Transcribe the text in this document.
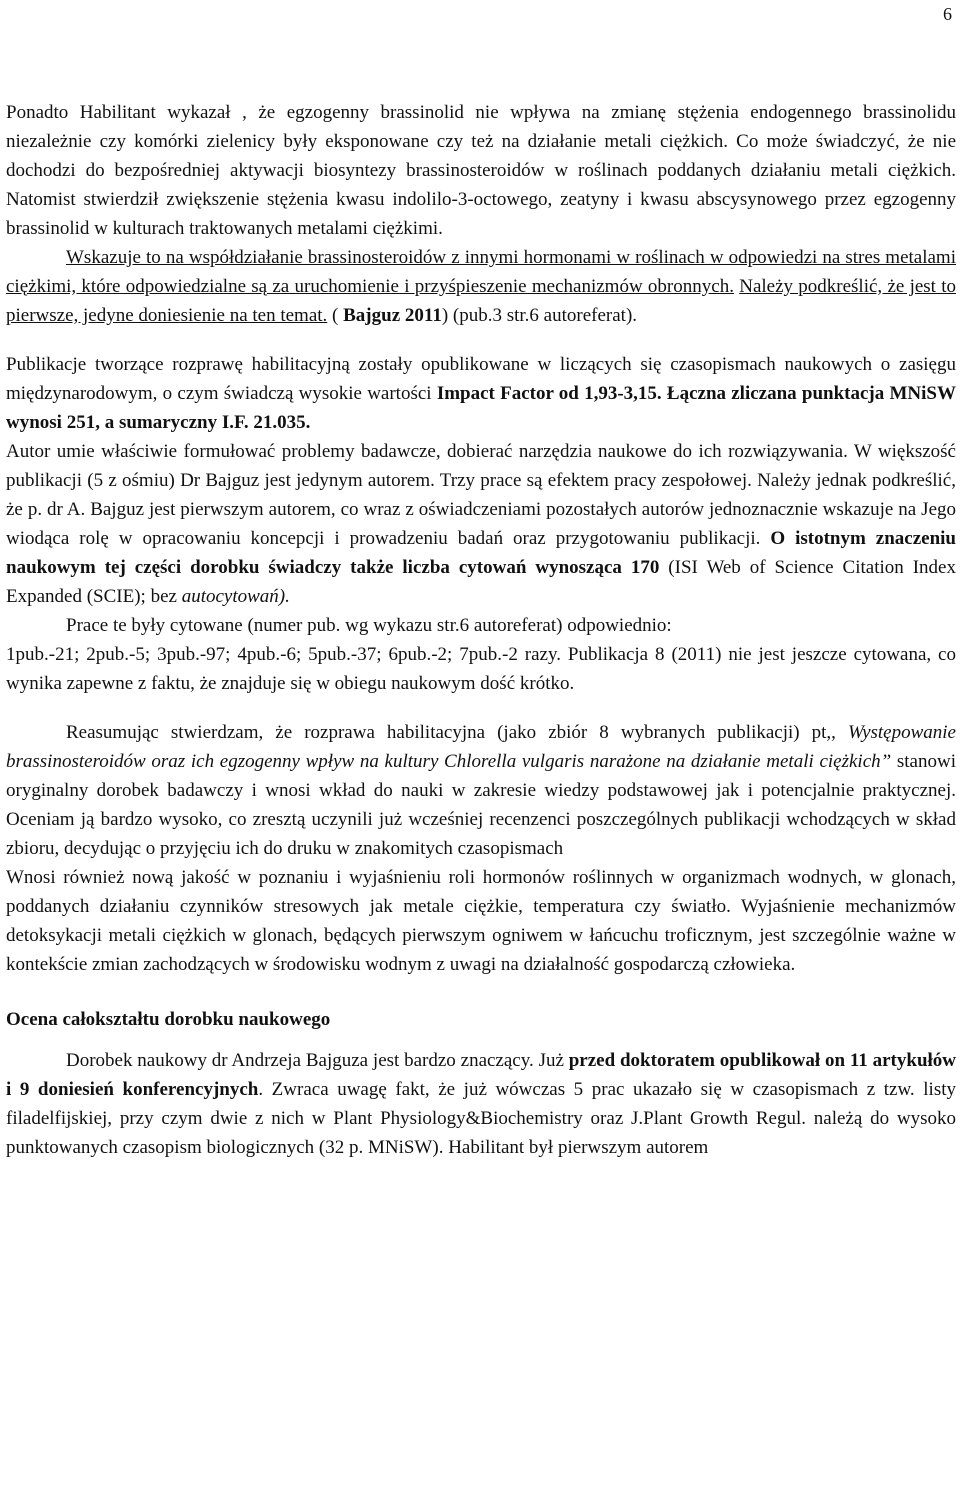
6

Ponadto Habilitant wykazał , że egzogenny brassinolid nie wpływa na zmianę stężenia endogennego brassinolidu niezależnie czy komórki zielenicy były eksponowane czy też na działanie metali ciężkich. Co może świadczyć, że nie dochodzi do bezpośredniej aktywacji biosyntezy brassinosteroidów w roślinach poddanych działaniu metali ciężkich. Natomist stwierdził zwiększenie stężenia kwasu indolilo-3-octowego, zeatyny i kwasu abscysynowego przez egzogenny brassinolid w kulturach traktowanych metalami ciężkimi.

Wskazuje to na współdziałanie brassinosteroidów z innymi hormonami w roślinach w odpowiedzi na stres metalami ciężkimi, które odpowiedzialne są za uruchomienie i przyśpieszenie mechanizmów obronnych. Należy podkreślić, że jest to pierwsze, jedyne doniesienie na ten temat. ( Bajguz 2011) (pub.3 str.6 autoreferat).

Publikacje tworzące rozprawę habilitacyjną zostały opublikowane w liczących się czasopismach naukowych o zasięgu międzynarodowym, o czym świadczą wysokie wartości Impact Factor od 1,93-3,15. Łączna zliczana punktacja MNiSW wynosi 251, a sumaryczny I.F. 21.035.

Autor umie właściwie formułować problemy badawcze, dobierać narzędzia naukowe do ich rozwiązywania. W większość publikacji (5 z ośmiu) Dr Bajguz jest jedynym autorem. Trzy prace są efektem pracy zespołowej. Należy jednak podkreślić, że p. dr A. Bajguz jest pierwszym autorem, co wraz z oświadczeniami pozostałych autorów jednoznacznie wskazuje na Jego wiodąca rolę w opracowaniu koncepcji i prowadzeniu badań oraz przygotowaniu publikacji. O istotnym znaczeniu naukowym tej części dorobku świadczy także liczba cytowań wynosząca 170 (ISI Web of Science Citation Index Expanded (SCIE); bez autocytowań).

Prace te były cytowane (numer pub. wg wykazu str.6 autoreferat) odpowiednio:

1pub.-21; 2pub.-5; 3pub.-97; 4pub.-6; 5pub.-37; 6pub.-2; 7pub.-2 razy. Publikacja 8 (2011) nie jest jeszcze cytowana, co wynika zapewne z faktu, że znajduje się w obiegu naukowym dość krótko.

Reasumując stwierdzam, że rozprawa habilitacyjna (jako zbiór 8 wybranych publikacji) pt,, Występowanie brassinosteroidów oraz ich egzogenny wpływ na kultury Chlorella vulgaris narażone na działanie metali ciężkich” stanowi oryginalny dorobek badawczy i wnosi wkład do nauki w zakresie wiedzy podstawowej jak i potencjalnie praktycznej. Oceniam ją bardzo wysoko, co zresztą uczynili już wcześniej recenzenci poszczególnych publikacji wchodzących w skład zbioru, decydując o przyjęciu ich do druku w znakomitych czasopismach

Wnosi również nową jakość w poznaniu i wyjaśnieniu roli hormonów roślinnych w organizmach wodnych, w glonach, poddanych działaniu czynników stresowych jak metale ciężkie, temperatura czy światło. Wyjaśnienie mechanizmów detoksykacji metali ciężkich w glonach, będących pierwszym ogniwem w łańcuchu troficznym, jest szczególnie ważne w kontekście zmian zachodzących w środowisku wodnym z uwagi na działalność gospodarczą człowieka.

Ocena całokształtu dorobku naukowego

Dorobek naukowy dr Andrzeja Bajguza jest bardzo znaczący. Już przed doktoratem opublikował on 11 artykułów i 9 doniesień konferencyjnych. Zwraca uwagę fakt, że już wówczas 5 prac ukazało się w czasopismach z tzw. listy filadelfijskiej, przy czym dwie z nich w Plant Physiology&Biochemistry oraz J.Plant Growth Regul. należą do wysoko punktowanych czasopism biologicznych (32 p. MNiSW). Habilitant był pierwszym autorem
